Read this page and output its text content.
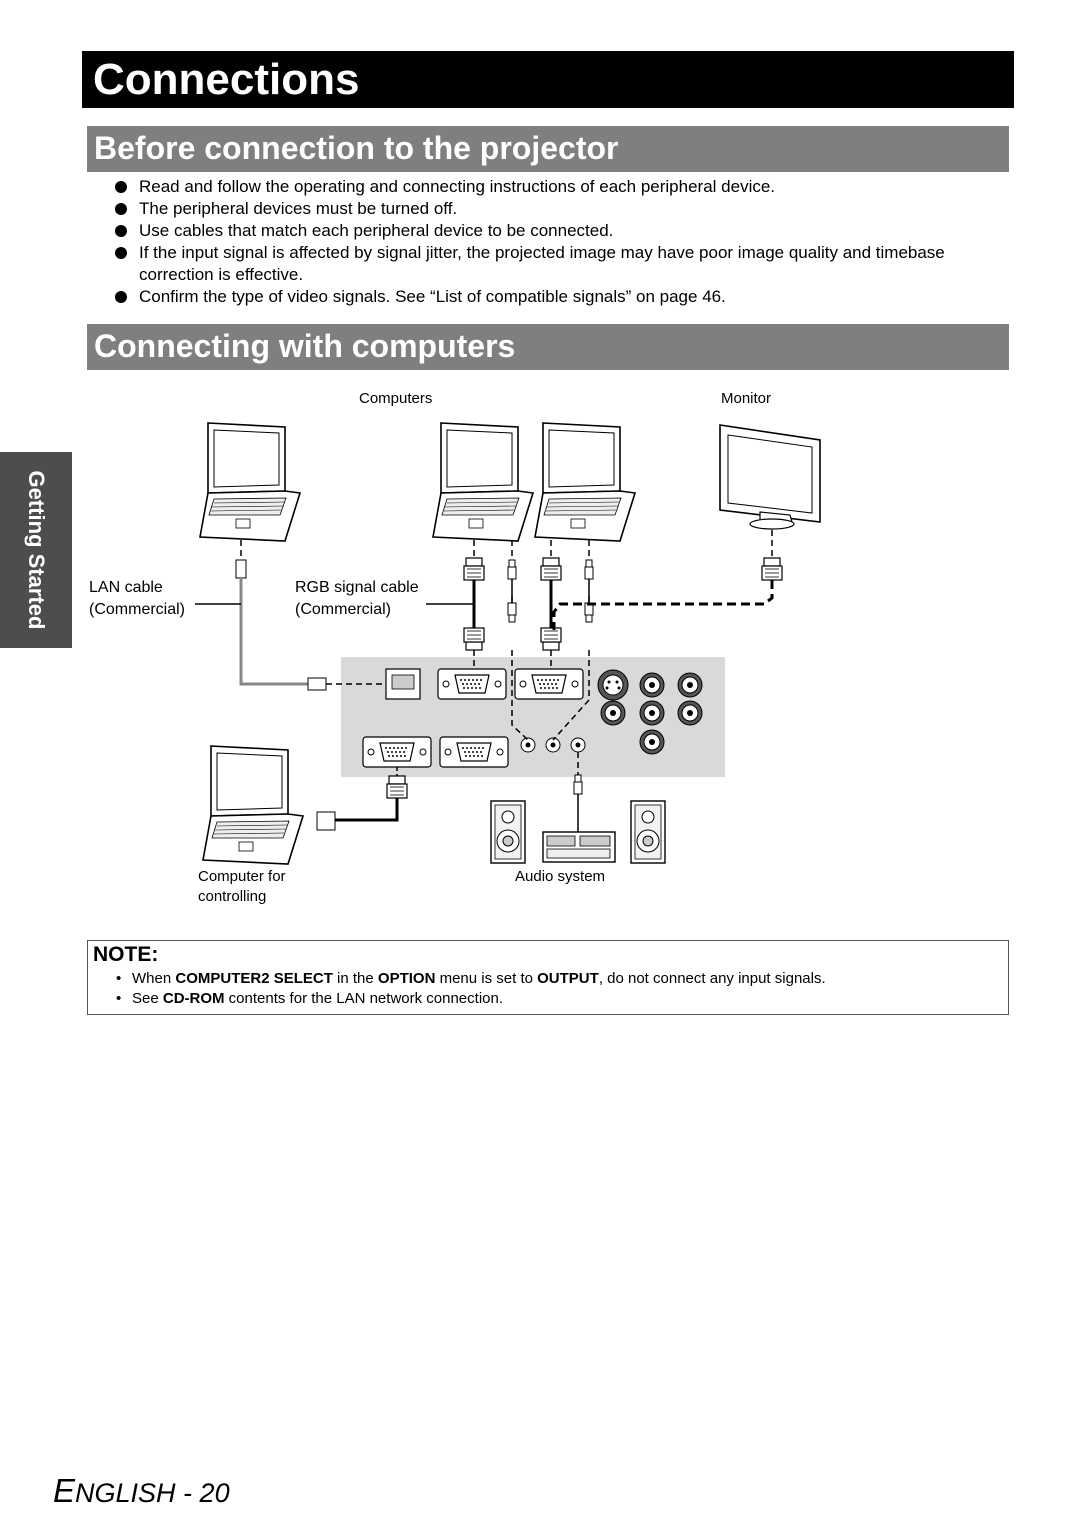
Connections
Before connection to the projector
Read and follow the operating and connecting instructions of each peripheral device.
The peripheral devices must be turned off.
Use cables that match each peripheral device to be connected.
If the input signal is affected by signal jitter, the projected image may have poor image quality and timebase correction is effective.
Confirm the type of video signals. See “List of compatible signals” on page 46.
Connecting with computers
Getting Started
Computers	Monitor
LAN cable
(Commercial)
RGB signal cable
(Commercial)
Computer for
controlling
Audio system
NOTE:
• When COMPUTER2 SELECT in the OPTION menu is set to OUTPUT, do not connect any input signals.
• See CD-ROM contents for the LAN network connection.
ENGLISH - 20
